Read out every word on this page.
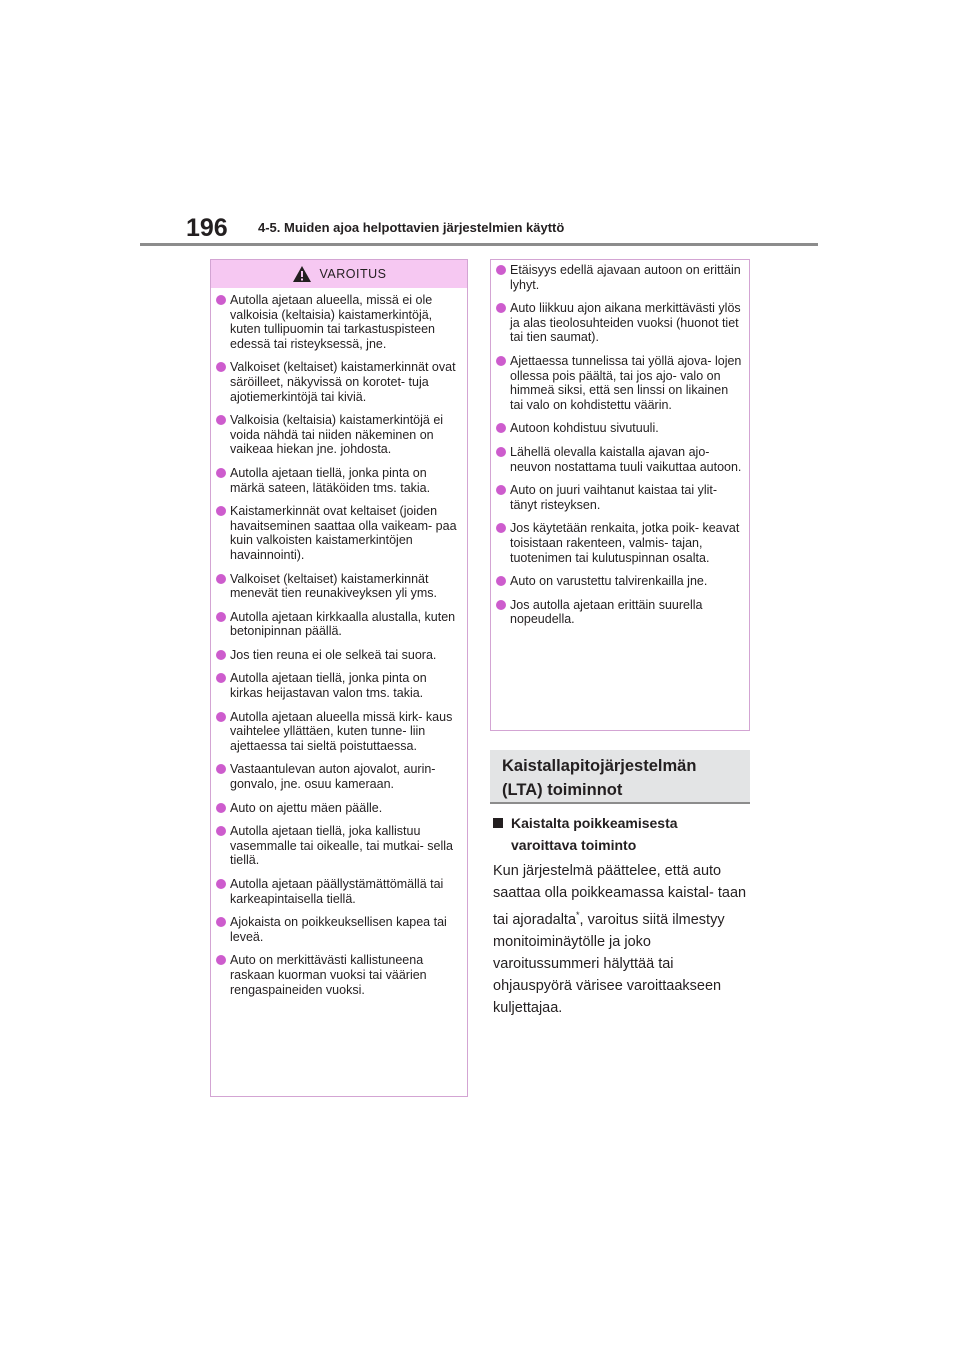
196 4-5. Muiden ajoa helpottavien järjestelmien käyttö
VAROITUS
Autolla ajetaan alueella, missä ei ole valkoisia (keltaisia) kaistamerkintöjä, kuten tullipuomin tai tarkastuspisteen edessä tai risteyksessä, jne.
Valkoiset (keltaiset) kaistamerkinnät ovat säröilleet, näkyvissä on korotet- tuja ajotiemerkintöjä tai kiviä.
Valkoisia (keltaisia) kaistamerkintöjä ei voida nähdä tai niiden näkeminen on vaikeaa hiekan jne. johdosta.
Autolla ajetaan tiellä, jonka pinta on märkä sateen, lätäköiden tms. takia.
Kaistamerkinnät ovat keltaiset (joiden havaitseminen saattaa olla vaikeam- paa kuin valkoisten kaistamerkintöjen havainnointi).
Valkoiset (keltaiset) kaistamerkinnät menevät tien reunakiveyksen yli yms.
Autolla ajetaan kirkkaalla alustalla, kuten betonipinnan päällä.
Jos tien reuna ei ole selkeä tai suora.
Autolla ajetaan tiellä, jonka pinta on kirkas heijastavan valon tms. takia.
Autolla ajetaan alueella missä kirk- kaus vaihtelee yllättäen, kuten tunne- liin ajettaessa tai sieltä poistuttaessa.
Vastaantulevan auton ajovalot, aurin- gonvalo, jne. osuu kameraan.
Auto on ajettu mäen päälle.
Autolla ajetaan tiellä, joka kallistuu vasemmalle tai oikealle, tai mutkai- sella tiellä.
Autolla ajetaan päällystämättömällä tai karkeapintaisella tiellä.
Ajokaista on poikkeuksellisen kapea tai leveä.
Auto on merkittävästi kallistuneena raskaan kuorman vuoksi tai väärien rengaspaineiden vuoksi.
Etäisyys edellä ajavaan autoon on erittäin lyhyt.
Auto liikkuu ajon aikana merkittävästi ylös ja alas tieolosuhteiden vuoksi (huonot tiet tai tien saumat).
Ajettaessa tunnelissa tai yöllä ajova- lojen ollessa pois päältä, tai jos ajo- valo on himmeä siksi, että sen linssi on likainen tai valo on kohdistettu väärin.
Autoon kohdistuu sivutuuli.
Lähellä olevalla kaistalla ajavan ajo- neuvon nostattama tuuli vaikuttaa autoon.
Auto on juuri vaihtanut kaistaa tai ylit- tänyt risteyksen.
Jos käytetään renkaita, jotka poik- keavat toisistaan rakenteen, valmis- tajan, tuotenimen tai kulutuspinnan osalta.
Auto on varustettu talvirenkailla jne.
Jos autolla ajetaan erittäin suurella nopeudella.
Kaistallapitojärjestelmän
(LTA) toiminnot
Kaistalta poikkeamisesta
varoittava toiminto

Kun järjestelmä päättelee, että auto saattaa olla poikkeamassa kaistal- taan tai ajoradalta*, varoitus siitä ilmestyy monitoiminäytölle ja joko varoitussummeri hälyttää tai ohjauspyörä värisee varoittaakseen kuljettajaa.
